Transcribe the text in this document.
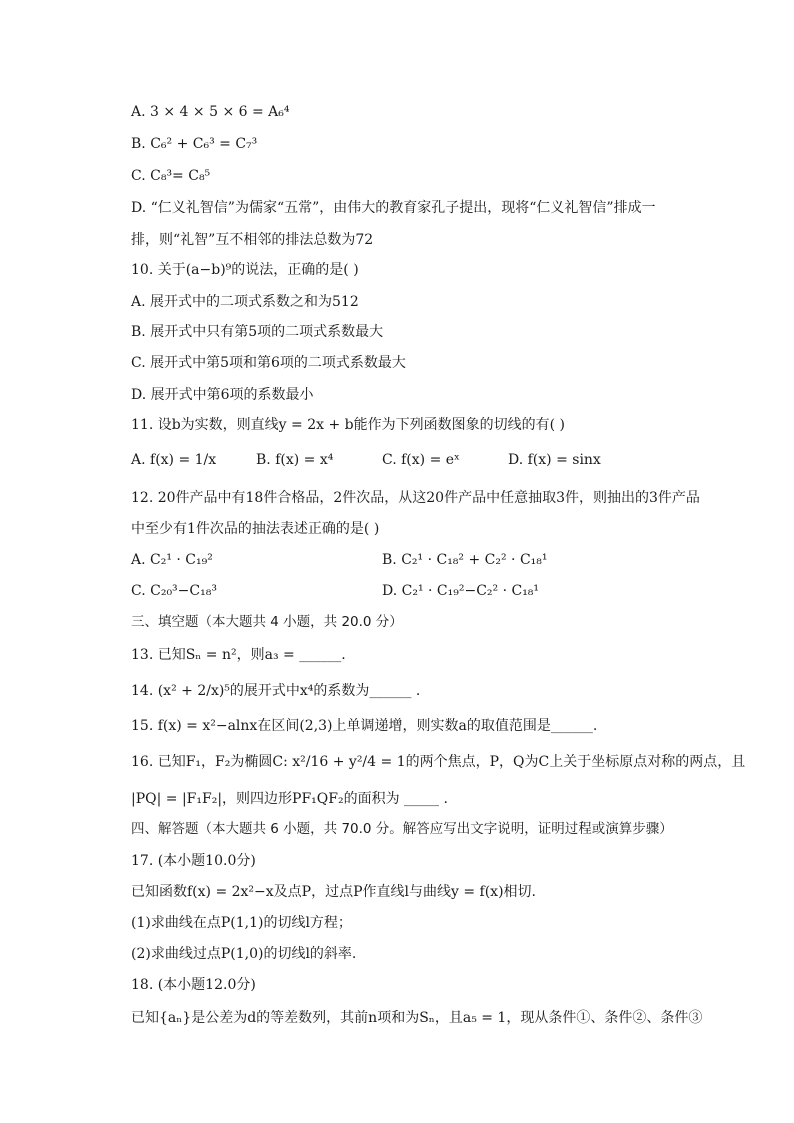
A. 3 × 4 × 5 × 6 = A₆⁴
B. C₆² + C₆³ = C₇³
C. C₈³= C₈⁵
D. “仁义礼智信”为儒家“五常”，由伟大的教育家孔子提出，现将“仁义礼智信”排成一
排，则“礼智”互不相邻的排法总数为72
10. 关于(a−b)⁹的说法，正确的是( )
A. 展开式中的二项式系数之和为512
B. 展开式中只有第5项的二项式系数最大
C. 展开式中第5项和第6项的二项式系数最大
D. 展开式中第6项的系数最小
11. 设b为实数，则直线y = 2x + b能作为下列函数图象的切线的有( )
A. f(x) = 1/x	B. f(x) = x⁴	C. f(x) = eˣ	D. f(x) = sinx
12. 20件产品中有18件合格品，2件次品，从这20件产品中任意抽取3件，则抽出的3件产品
中至少有1件次品的抽法表述正确的是( )
A. C₂¹ · C₁₉²	B. C₂¹ · C₁₈² + C₂² · C₁₈¹
C. C₂₀³−C₁₈³	D. C₂¹ · C₁₉²−C₂² · C₁₈¹
三、填空题（本大题共 4 小题，共 20.0 分）
13. 已知Sₙ = n²，则a₃ = ______.
14. (x² + 2/x)⁵的展开式中x⁴的系数为______ .
15. f(x) = x²−alnx在区间(2,3)上单调递增，则实数a的取值范围是______.
16. 已知F₁，F₂为椭圆C: x²/16 + y²/4 = 1的两个焦点，P，Q为C上关于坐标原点对称的两点，且
|PQ| = |F₁F₂|，则四边形PF₁QF₂的面积为 _____ .
四、解答题（本大题共 6 小题，共 70.0 分。解答应写出文字说明，证明过程或演算步骤）
17. (本小题10.0分)
已知函数f(x) = 2x²−x及点P，过点P作直线l与曲线y = f(x)相切.
(1)求曲线在点P(1,1)的切线l方程；
(2)求曲线过点P(1,0)的切线l的斜率.
18. (本小题12.0分)
已知{aₙ}是公差为d的等差数列，其前n项和为Sₙ，且a₅ = 1，现从条件①、条件②、条件③
